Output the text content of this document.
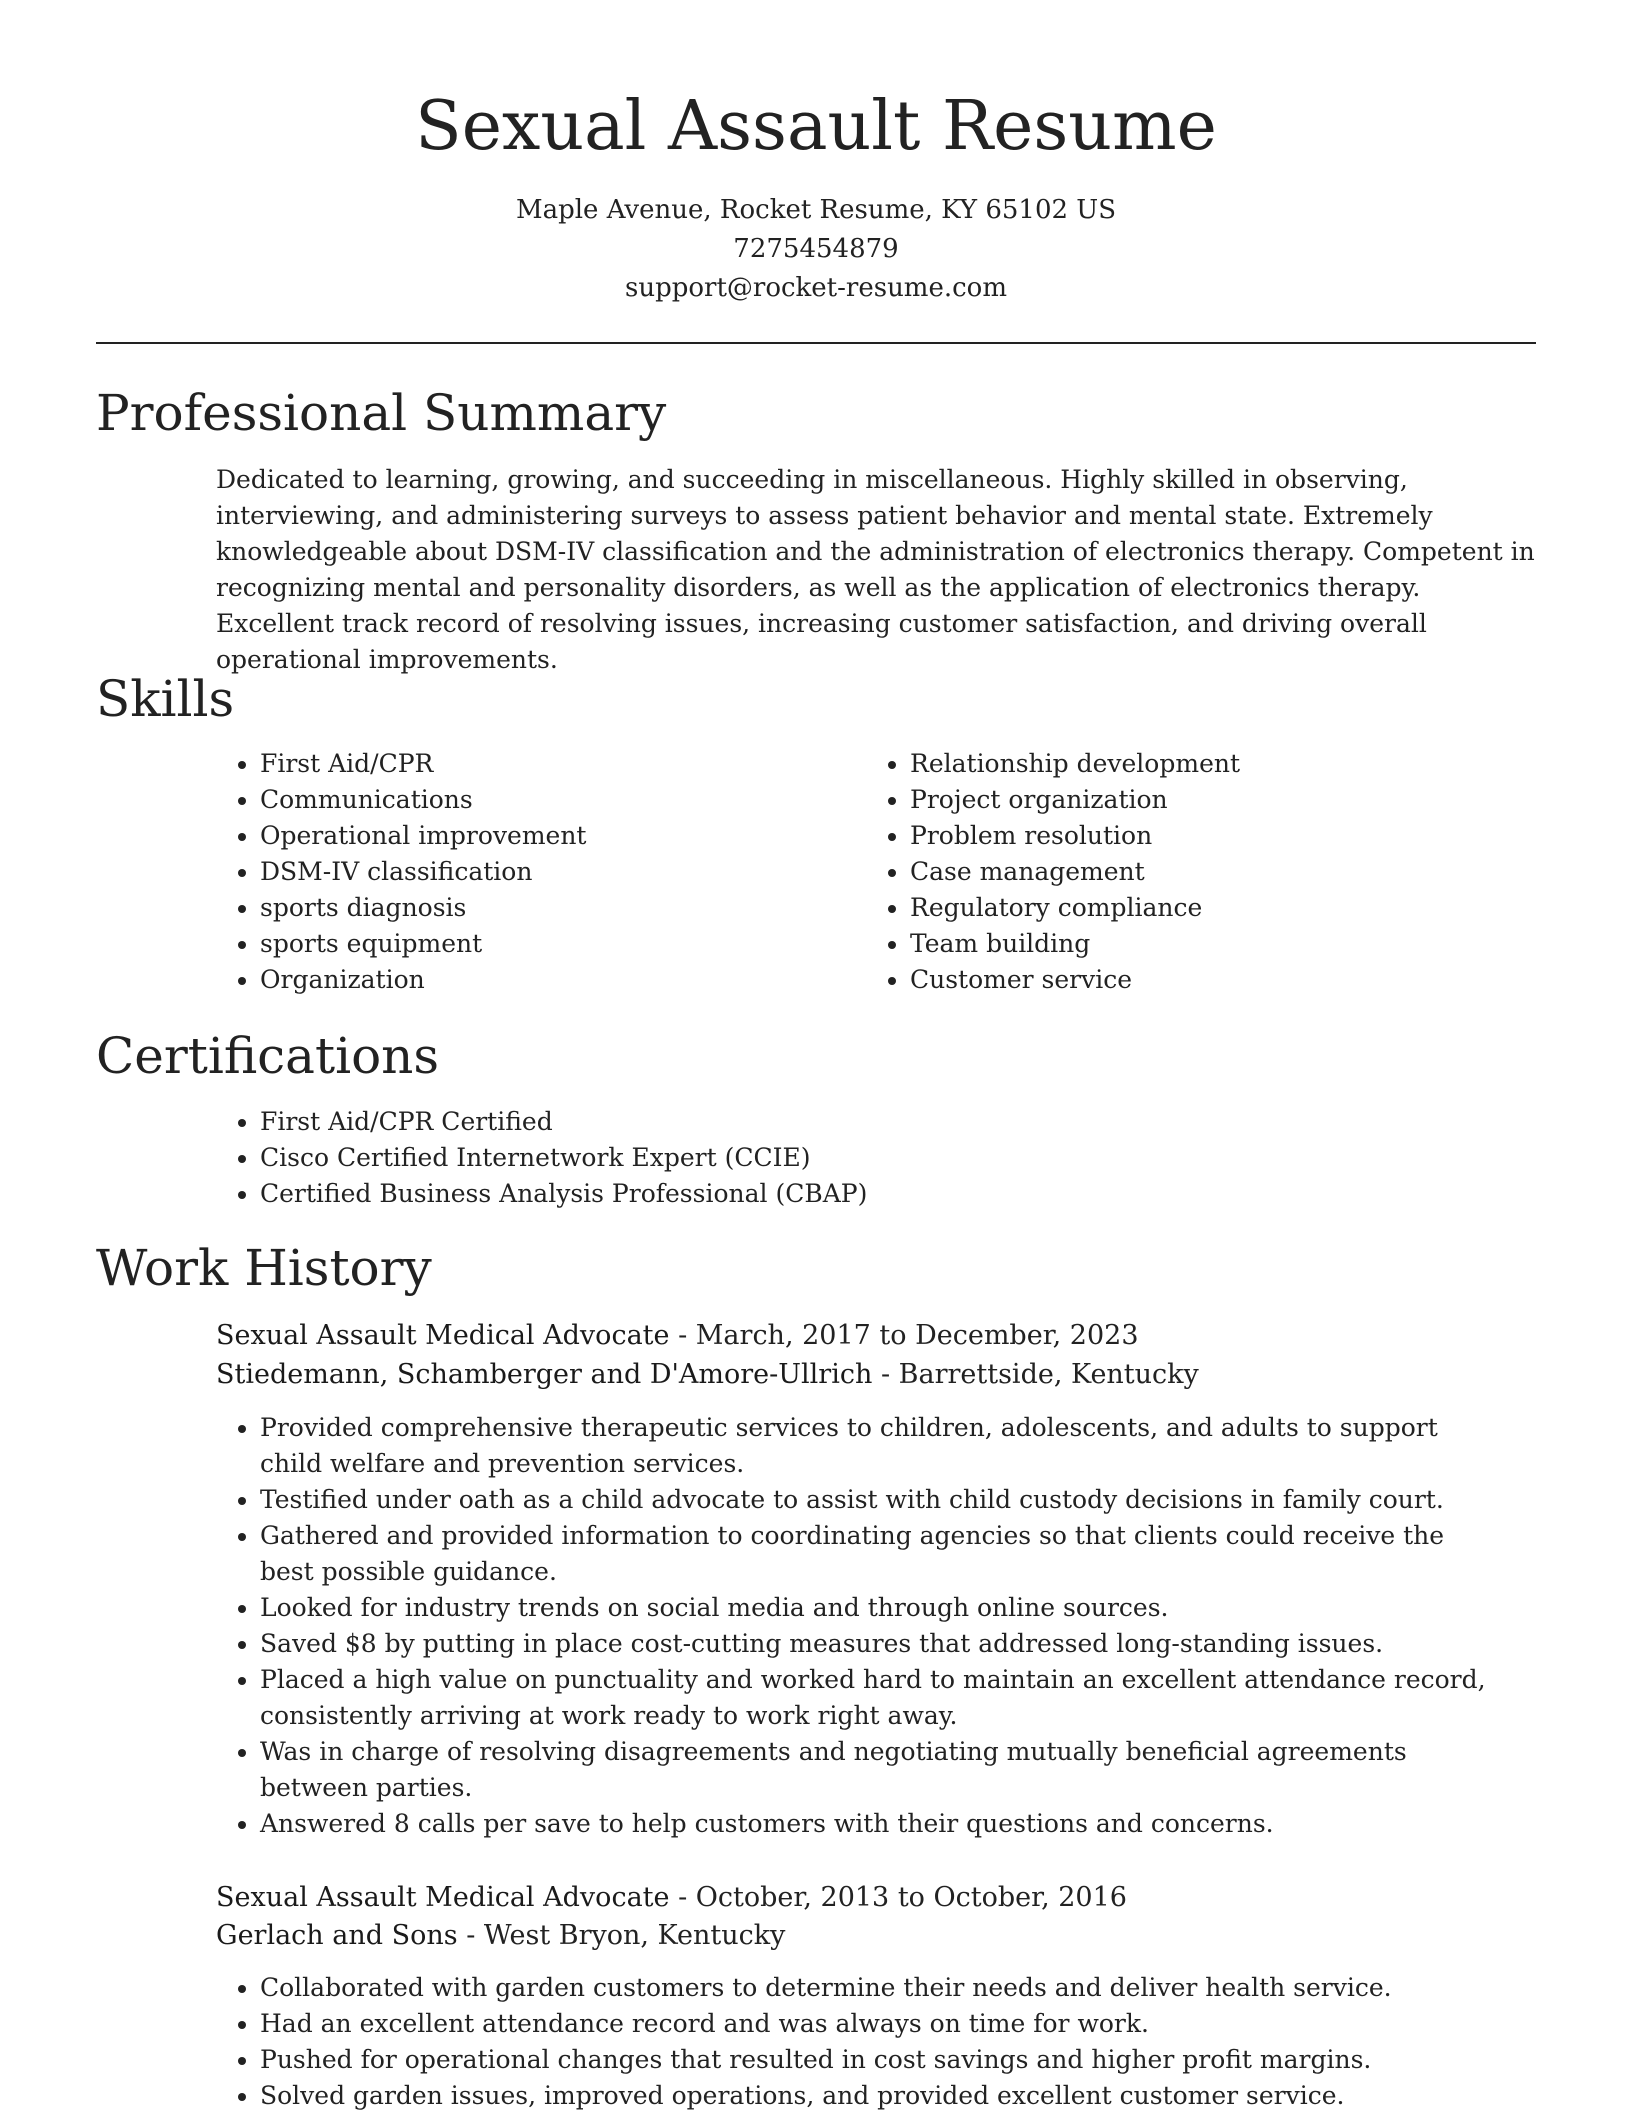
Sexual Assault Resume
Maple Avenue, Rocket Resume, KY 65102 US
7275454879
support@rocket-resume.com
Professional Summary

Dedicated to learning, growing, and succeeding in miscellaneous. Highly skilled in observing, interviewing, and administering surveys to assess patient behavior and mental state. Extremely knowledgeable about DSM-IV classification and the administration of electronics therapy. Competent in recognizing mental and personality disorders, as well as the application of electronics therapy. Excellent track record of resolving issues, increasing customer satisfaction, and driving overall operational improvements.

Skills
• First Aid/CPR
• Communications
• Operational improvement
• DSM-IV classification
• sports diagnosis
• sports equipment
• Organization
• Relationship development
• Project organization
• Problem resolution
• Case management
• Regulatory compliance
• Team building
• Customer service
Certifications
• First Aid/CPR Certified
• Cisco Certified Internetwork Expert (CCIE)
• Certified Business Analysis Professional (CBAP)
Work History
Sexual Assault Medical Advocate - March, 2017 to December, 2023
Stiedemann, Schamberger and D'Amore-Ullrich - Barrettside, Kentucky
• Provided comprehensive therapeutic services to children, adolescents, and adults to support child welfare and prevention services.
• Testified under oath as a child advocate to assist with child custody decisions in family court.
• Gathered and provided information to coordinating agencies so that clients could receive the best possible guidance.
• Looked for industry trends on social media and through online sources.
• Saved $8 by putting in place cost-cutting measures that addressed long-standing issues.
• Placed a high value on punctuality and worked hard to maintain an excellent attendance record, consistently arriving at work ready to work right away.
• Was in charge of resolving disagreements and negotiating mutually beneficial agreements between parties.
• Answered 8 calls per save to help customers with their questions and concerns.
Sexual Assault Medical Advocate - October, 2013 to October, 2016
Gerlach and Sons - West Bryon, Kentucky
• Collaborated with garden customers to determine their needs and deliver health service.
• Had an excellent attendance record and was always on time for work.
• Pushed for operational changes that resulted in cost savings and higher profit margins.
• Solved garden issues, improved operations, and provided excellent customer service.
